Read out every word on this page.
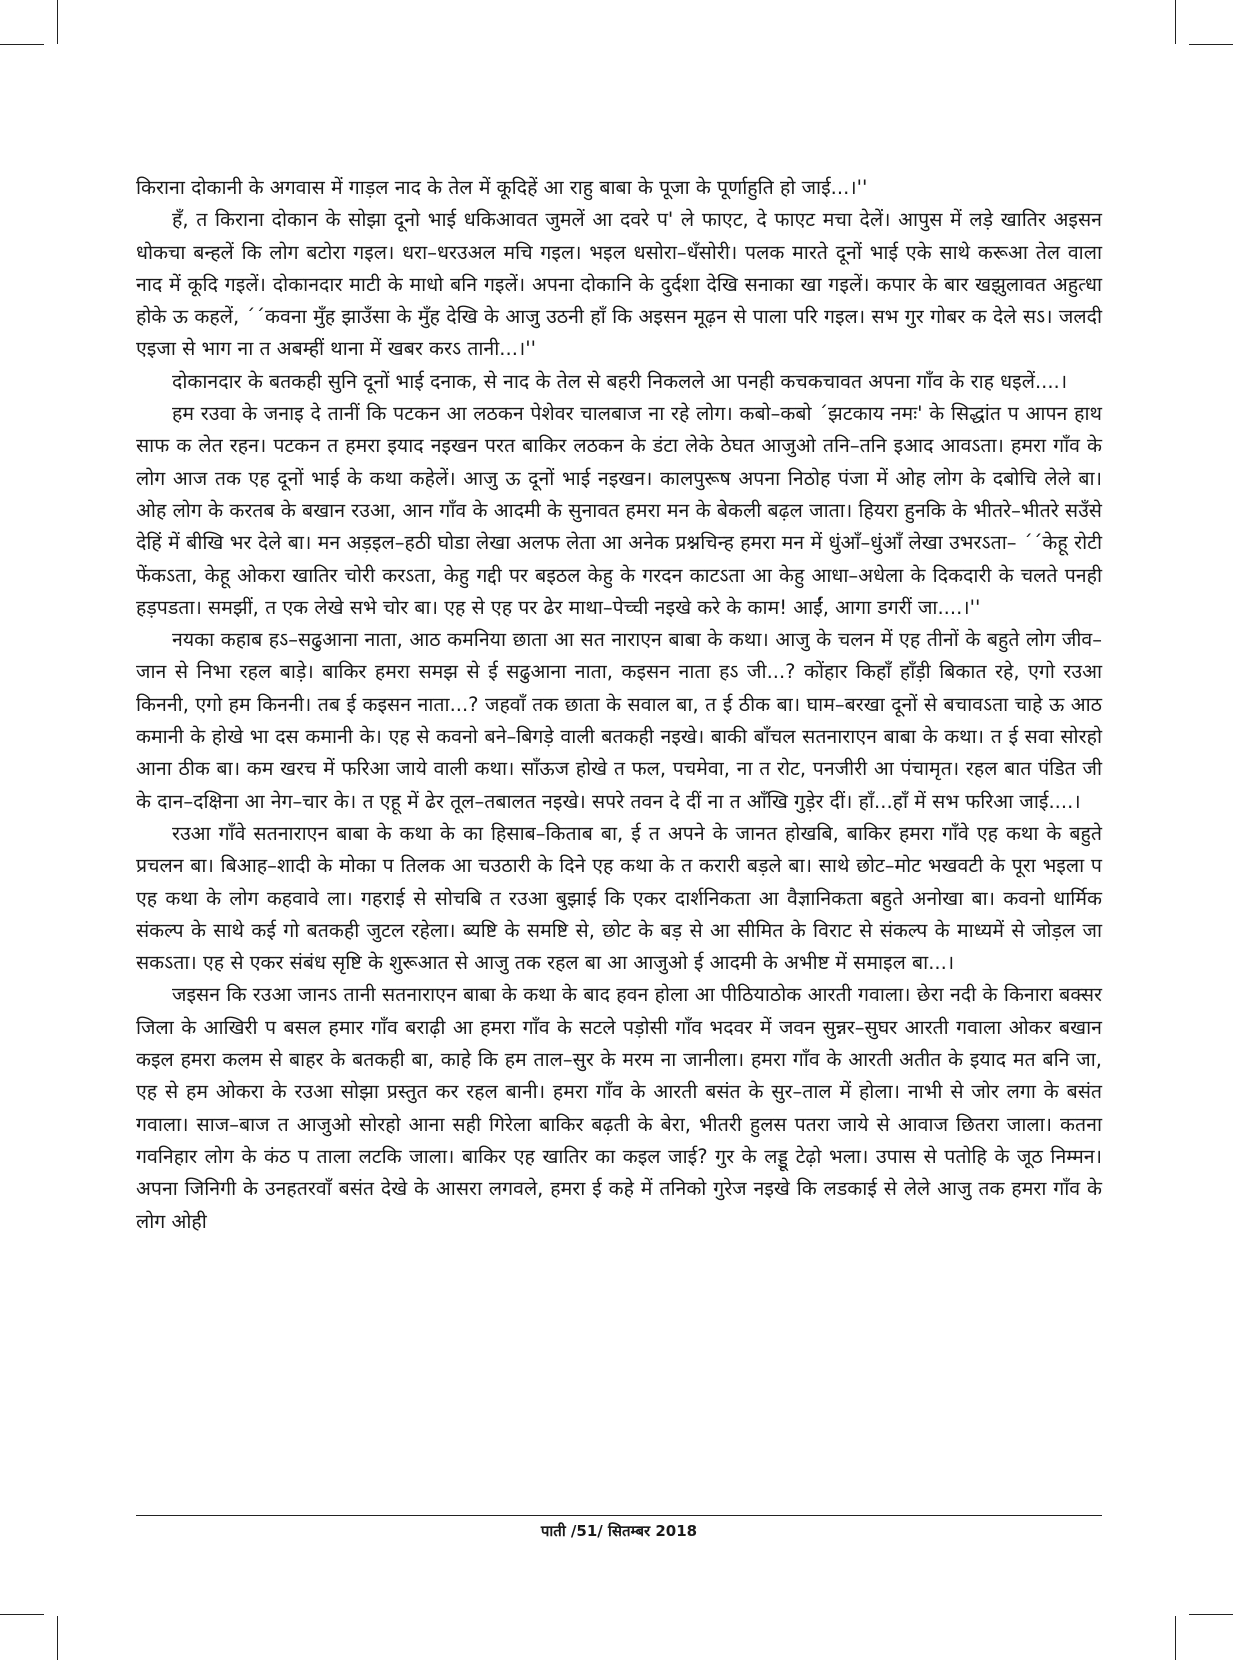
किराना दोकानी के अगवास में गाड़ल नाद के तेल में कूदिहें आ राहु बाबा के पूजा के पूर्णाहुति हो जाई...।''

हँ, त किराना दोकान के सोझा दूनो भाई धकिआवत जुमलें आ दवरे प' ले फाएट, दे फाएट मचा देलें। आपुस में लड़े खातिर अइसन धोकचा बन्हलें कि लोग बटोरा गइल। धरा–धरउअल मचि गइल। भइल धसोरा–धँसोरी। पलक मारते दूनों भाई एके साथे करूआ तेल वाला नाद में कूदि गइलें। दोकानदार माटी के माधो बनि गइलें। अपना दोकानि के दुर्दशा देखि सनाका खा गइलें। कपार के बार खझुलावत अहुत्धा होके ऊ कहलें, ´´कवना मुँह झाउँसा के मुँह देखि के आजु उठनी हाँ कि अइसन मूढ़न से पाला परि गइल। सभ गुर गोबर क देले सऽ। जलदी एइजा से भाग ना त अबम्हीं थाना में खबर करऽ तानी...।''

दोकानदार के बतकही सुनि दूनों भाई दनाक, से नाद के तेल से बहरी निकलले आ पनही कचकचावत अपना गाँव के राह धइलें....।

हम रउवा के जनाइ दे तानीं कि पटकन आ लठकन पेशेवर चालबाज ना रहे लोग। कबो–कबो ´झटकाय नमः' के सिद्धांत प आपन हाथ साफ क लेत रहन। पटकन त हमरा इयाद नइखन परत बाकिर लठकन के डंटा लेके ठेघत आजुओ तनि–तनि इआद आवऽता। हमरा गाँव के लोग आज तक एह दूनों भाई के कथा कहेलें। आजु ऊ दूनों भाई नइखन। कालपुरूष अपना निठोह पंजा में ओह लोग के दबोचि लेले बा। ओह लोग के करतब के बखान रउआ, आन गाँव के आदमी के सुनावत हमरा मन के बेकली बढ़ल जाता। हियरा हुनकि के भीतरे–भीतरे सउँसे देहिं में बीखि भर देले बा। मन अड़इल–हठी घोडा लेखा अलफ लेता आ अनेक प्रश्नचिन्ह हमरा मन में धुंआँ–धुंआँ लेखा उभरऽता– ´´केहू रोटी फेंकऽता, केहू ओकरा खातिर चोरी करऽता, केहु गद्दी पर बइठल केहु के गरदन काटऽता आ केहु आधा–अधेला के दिकदारी के चलते पनही हड़पडता। समझीं, त एक लेखे सभे चोर बा। एह से एह पर ढेर माथा–पेच्ची नइखे करे के काम! आईं, आगा डगरीं जा....।''

नयका कहाब हऽ–सढुआना नाता, आठ कमनिया छाता आ सत नाराएन बाबा के कथा। आजु के चलन में एह तीनों के बहुते लोग जीव–जान से निभा रहल बाड़े। बाकिर हमरा समझ से ई सढुआना नाता, कइसन नाता हऽ जी...? कोंहार किहाँ हाँड़ी बिकात रहे, एगो रउआ किननी, एगो हम किननी। तब ई कइसन नाता...? जहवाँ तक छाता के सवाल बा, त ई ठीक बा। घाम–बरखा दूनों से बचावऽता चाहे ऊ आठ कमानी के होखे भा दस कमानी के। एह से कवनो बने–बिगड़े वाली बतकही नइखे। बाकी बाँचल सतनाराएन बाबा के कथा। त ई सवा सोरहो आना ठीक बा। कम खरच में फरिआ जाये वाली कथा। साँऊज होखे त फल, पचमेवा, ना त रोट, पनजीरी आ पंचामृत। रहल बात पंडित जी के दान–दक्षिना आ नेग–चार के। त एहू में ढेर तूल–तबालत नइखे। सपरे तवन दे दीं ना त आँखि गुड़ेर दीं। हाँ...हाँ में सभ फरिआ जाई....।

रउआ गाँवे सतनाराएन बाबा के कथा के का हिसाब–किताब बा, ई त अपने के जानत होखबि, बाकिर हमरा गाँवे एह कथा के बहुते प्रचलन बा। बिआह–शादी के मोका प तिलक आ चउठारी के दिने एह कथा के त करारी बड़ले बा। साथे छोट–मोट भखवटी के पूरा भइला प एह कथा के लोग कहवावे ला। गहराई से सोचबि त रउआ बुझाई कि एकर दार्शनिकता आ वैज्ञानिकता बहुते अनोखा बा। कवनो धार्मिक संकल्प के साथे कई गो बतकही जुटल रहेला। ब्यष्टि के समष्टि से, छोट के बड़ से आ सीमित के विराट से संकल्प के माध्यमें से जोड़ल जा सकऽता। एह से एकर संबंध सृष्टि के शुरूआत से आजु तक रहल बा आ आजुओ ई आदमी के अभीष्ट में समाइल बा...।

जइसन कि रउआ जानऽ तानी सतनाराएन बाबा के कथा के बाद हवन होला आ पीठियाठोक आरती गवाला। छेरा नदी के किनारा बक्सर जिला के आखिरी प बसल हमार गाँव बराढ़ी आ हमरा गाँव के सटले पड़ोसी गाँव भदवर में जवन सुन्नर–सुघर आरती गवाला ओकर बखान कइल हमरा कलम से बाहर के बतकही बा, काहे कि हम ताल–सुर के मरम ना जानीला। हमरा गाँव के आरती अतीत के इयाद मत बनि जा, एह से हम ओकरा के रउआ सोझा प्रस्तुत कर रहल बानी। हमरा गाँव के आरती बसंत के सुर–ताल में होला। नाभी से जोर लगा के बसंत गवाला। साज–बाज त आजुओ सोरहो आना सही गिरेला बाकिर बढ़ती के बेरा, भीतरी हुलस पतरा जाये से आवाज छितरा जाला। कतना गवनिहार लोग के कंठ प ताला लटकि जाला। बाकिर एह खातिर का कइल जाई? गुर के लड्डू टेढ़ो भला। उपास से पतोहि के जूठ निम्मन। अपना जिनिगी के उनहतरवाँ बसंत देखे के आसरा लगवले, हमरा ई कहे में तनिको गुरेज नइखे कि लडकाई से लेले आजु तक हमरा गाँव के लोग ओही

पाती /51/ सितम्बर 2018
